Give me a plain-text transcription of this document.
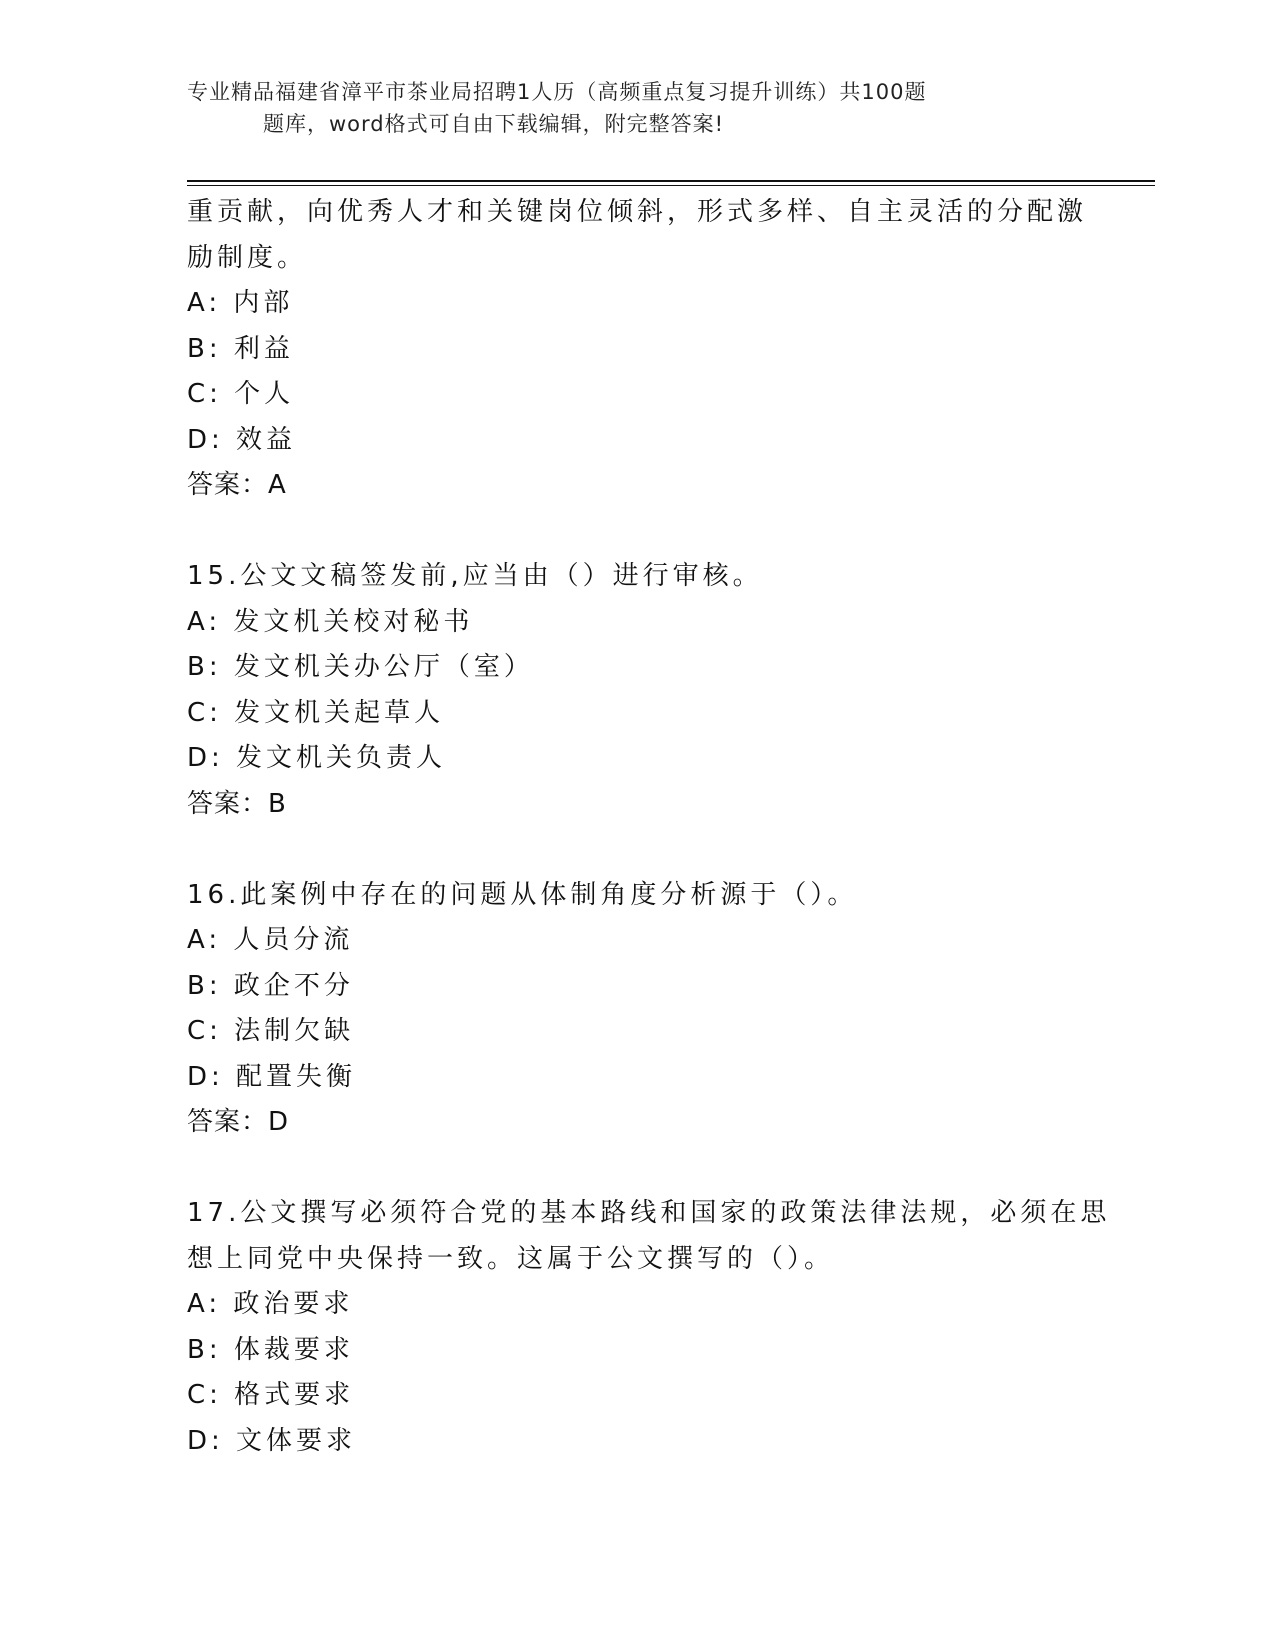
专业精品福建省漳平市茶业局招聘1人历（高频重点复习提升训练）共100题
题库，word格式可自由下载编辑，附完整答案!
重贡献，向优秀人才和关键岗位倾斜，形式多样、自主灵活的分配激
励制度。
A: 内部
B: 利益
C: 个人
D: 效益
答案：A
15.公文文稿签发前,应当由（）进行审核。
A: 发文机关校对秘书
B: 发文机关办公厅（室）
C: 发文机关起草人
D: 发文机关负责人
答案：B
16.此案例中存在的问题从体制角度分析源于（）。
A: 人员分流
B: 政企不分
C: 法制欠缺
D: 配置失衡
答案：D
17.公文撰写必须符合党的基本路线和国家的政策法律法规，必须在思
想上同党中央保持一致。这属于公文撰写的（）。
A: 政治要求
B: 体裁要求
C: 格式要求
D: 文体要求
